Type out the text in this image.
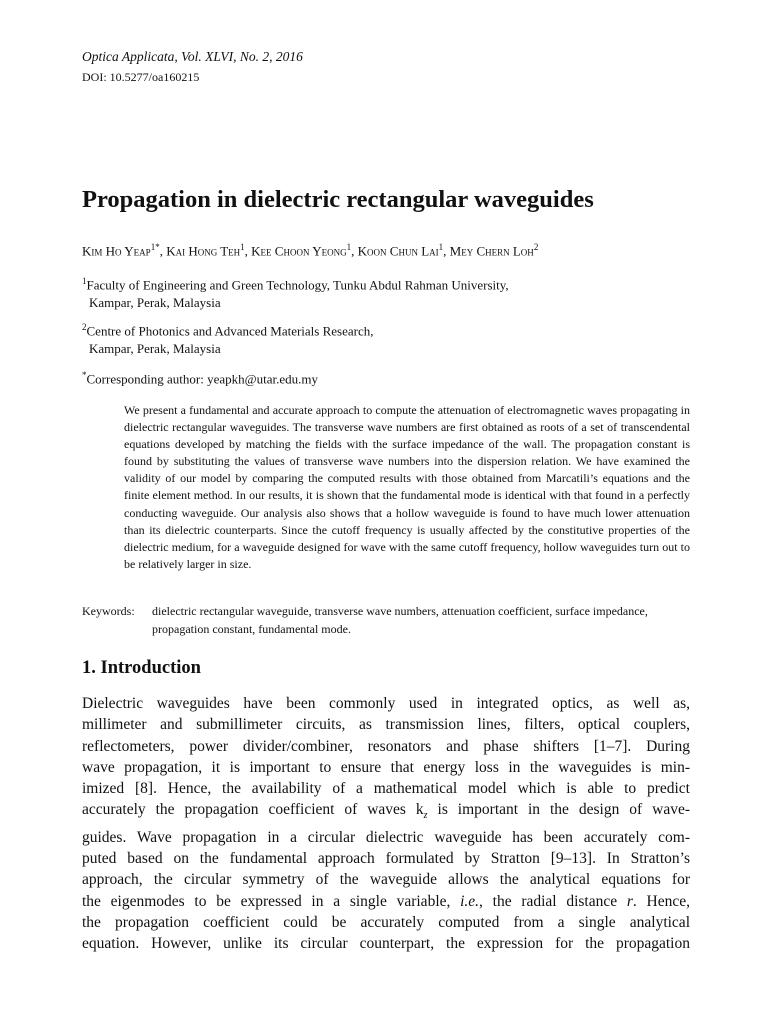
Optica Applicata, Vol. XLVI, No. 2, 2016
DOI: 10.5277/oa160215
Propagation in dielectric rectangular waveguides
Kim Ho Yeap$^{1*}$, Kai Hong Teh$^1$, Kee Choon Yeong$^1$, Koon Chun Lai$^1$, Mey Chern Loh$^2$
$^1$Faculty of Engineering and Green Technology, Tunku Abdul Rahman University,
Kampar, Perak, Malaysia
$^2$Centre of Photonics and Advanced Materials Research,
Kampar, Perak, Malaysia
*Corresponding author: yeapkh@utar.edu.my

We present a fundamental and accurate approach to compute the attenuation of electromagnetic waves propagating in dielectric rectangular waveguides. The transverse wave numbers are first obtained as roots of a set of transcendental equations developed by matching the fields with the surface impedance of the wall. The propagation constant is found by substituting the values of transverse wave numbers into the dispersion relation. We have examined the validity of our model by comparing the computed results with those obtained from Marcatili’s equations and the finite element method. In our results, it is shown that the fundamental mode is identical with that found in a perfectly conducting waveguide. Our analysis also shows that a hollow waveguide is found to have much lower attenuation than its dielectric counterparts. Since the cutoff frequency is usually affected by the constitutive properties of the dielectric medium, for a waveguide designed for wave with the same cutoff frequency, hollow waveguides turn out to be relatively larger in size.

Keywords:	dielectric rectangular waveguide, transverse wave numbers, attenuation coefficient, surface impedance, propagation constant, fundamental mode.
1. Introduction

Dielectric waveguides have been commonly used in integrated optics, as well as,
millimeter and submillimeter circuits, as transmission lines, filters, optical couplers,
reflectometers, power divider/combiner, resonators and phase shifters [1–7]. During
wave propagation, it is important to ensure that energy loss in the waveguides is min-
imized [8]. Hence, the availability of a mathematical model which is able to predict
accurately the propagation coefficient of waves $k_z$ is important in the design of wave-
guides. Wave propagation in a circular dielectric waveguide has been accurately com-
puted based on the fundamental approach formulated by Stratton [9–13]. In Stratton’s
approach, the circular symmetry of the waveguide allows the analytical equations for
the eigenmodes to be expressed in a single variable, i.e., the radial distance r. Hence,
the propagation coefficient could be accurately computed from a single analytical
equation. However, unlike its circular counterpart, the expression for the propagation
